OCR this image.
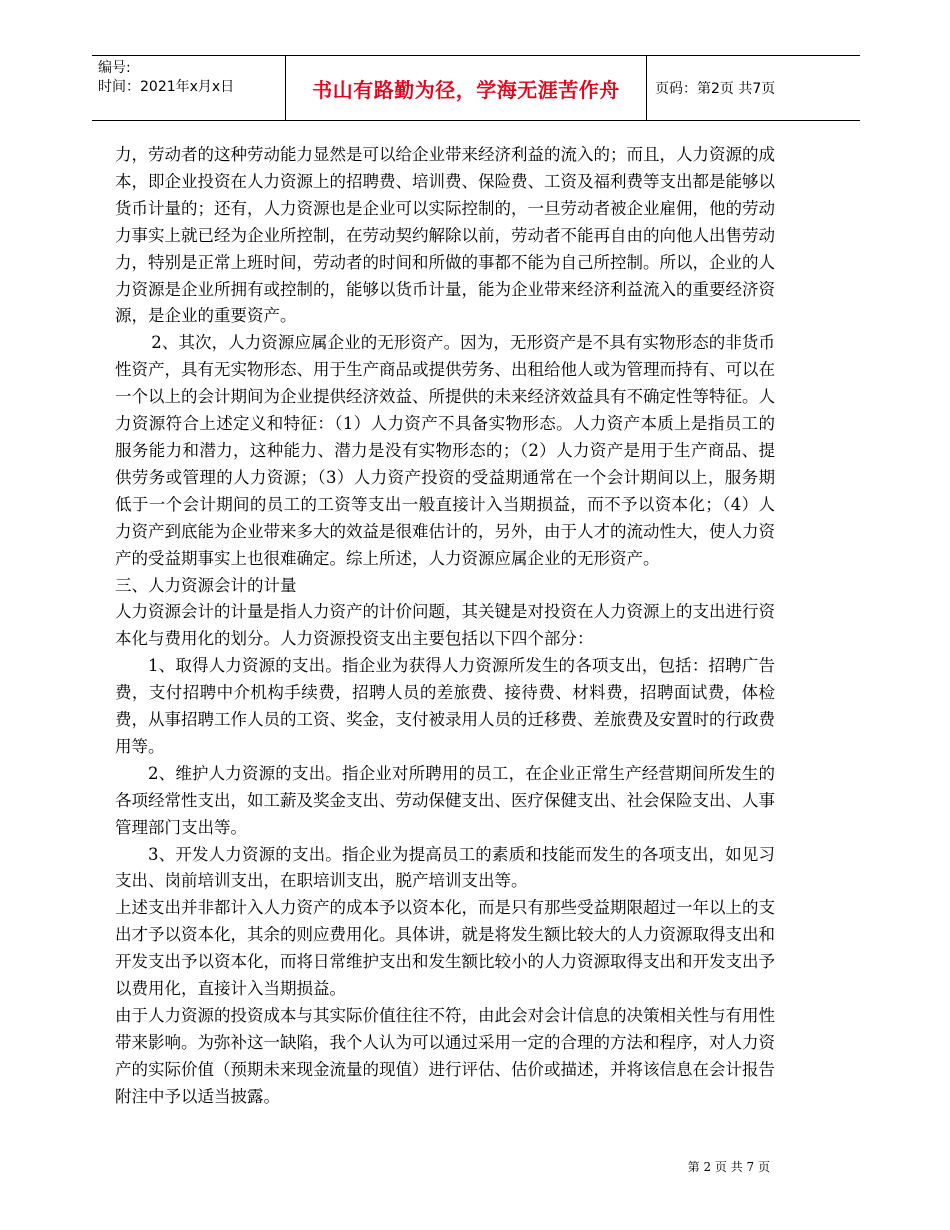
编号:
时间：2021年x月x日	书山有路勤为径，学海无涯苦作舟	页码：第2页 共7页

力，劳动者的这种劳动能力显然是可以给企业带来经济利益的流入的；而且，人力资源的成本，即企业投资在人力资源上的招聘费、培训费、保险费、工资及福利费等支出都是能够以货币计量的；还有，人力资源也是企业可以实际控制的，一旦劳动者被企业雇佣，他的劳动力事实上就已经为企业所控制，在劳动契约解除以前，劳动者不能再自由的向他人出售劳动力，特别是正常上班时间，劳动者的时间和所做的事都不能为自己所控制。所以，企业的人力资源是企业所拥有或控制的，能够以货币计量，能为企业带来经济利益流入的重要经济资源，是企业的重要资产。

2、其次，人力资源应属企业的无形资产。因为，无形资产是不具有实物形态的非货币性资产，具有无实物形态、用于生产商品或提供劳务、出租给他人或为管理而持有、可以在一个以上的会计期间为企业提供经济效益、所提供的未来经济效益具有不确定性等特征。人力资源符合上述定义和特征：（1）人力资产不具备实物形态。人力资产本质上是指员工的服务能力和潜力，这种能力、潜力是没有实物形态的；（2）人力资产是用于生产商品、提供劳务或管理的人力资源；（3）人力资产投资的受益期通常在一个会计期间以上，服务期低于一个会计期间的员工的工资等支出一般直接计入当期损益，而不予以资本化；（4）人力资产到底能为企业带来多大的效益是很难估计的，另外，由于人才的流动性大，使人力资产的受益期事实上也很难确定。综上所述，人力资源应属企业的无形资产。

三、人力资源会计的计量

人力资源会计的计量是指人力资产的计价问题，其关键是对投资在人力资源上的支出进行资本化与费用化的划分。人力资源投资支出主要包括以下四个部分：

1、取得人力资源的支出。指企业为获得人力资源所发生的各项支出，包括：招聘广告费，支付招聘中介机构手续费，招聘人员的差旅费、接待费、材料费，招聘面试费，体检费，从事招聘工作人员的工资、奖金，支付被录用人员的迁移费、差旅费及安置时的行政费用等。

2、维护人力资源的支出。指企业对所聘用的员工，在企业正常生产经营期间所发生的各项经常性支出，如工薪及奖金支出、劳动保健支出、医疗保健支出、社会保险支出、人事管理部门支出等。

3、开发人力资源的支出。指企业为提高员工的素质和技能而发生的各项支出，如见习支出、岗前培训支出，在职培训支出，脱产培训支出等。

上述支出并非都计入人力资产的成本予以资本化，而是只有那些受益期限超过一年以上的支出才予以资本化，其余的则应费用化。具体讲，就是将发生额比较大的人力资源取得支出和开发支出予以资本化，而将日常维护支出和发生额比较小的人力资源取得支出和开发支出予以费用化，直接计入当期损益。

由于人力资源的投资成本与其实际价值往往不符，由此会对会计信息的决策相关性与有用性带来影响。为弥补这一缺陷，我个人认为可以通过采用一定的合理的方法和程序，对人力资产的实际价值（预期未来现金流量的现值）进行评估、估价或描述，并将该信息在会计报告附注中予以适当披露。

第 2 页 共 7 页
